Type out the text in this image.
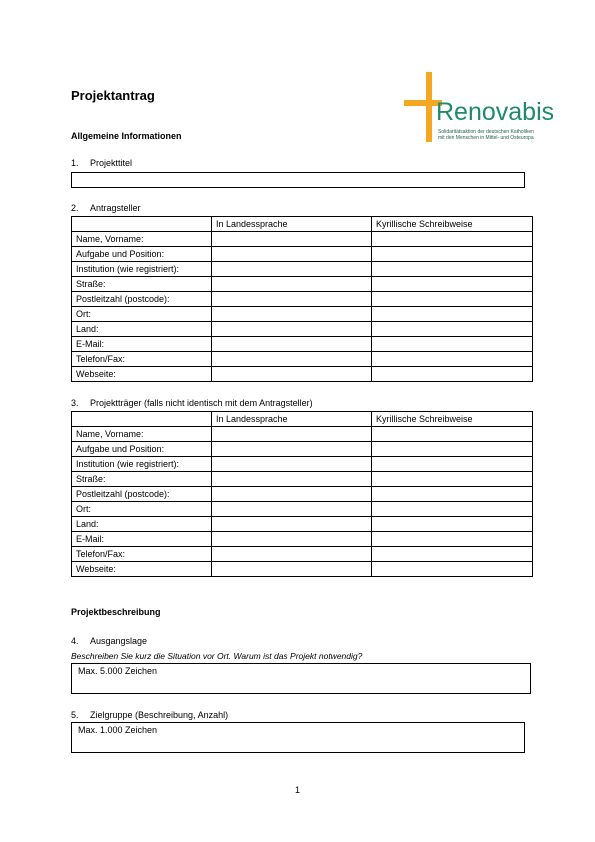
Projektantrag
Renovabis
Solidaritätsaktion der deutschen Katholiken
mit den Menschen in Mittel- und Osteuropa
Allgemeine Informationen
1. Projekttitel
2. Antragsteller
	In Landessprache	Kyrillische Schreibweise
Name, Vorname:		
Aufgabe und Position:		
Institution (wie registriert):		
Straße:		
Postleitzahl (postcode):		
Ort:		
Land:		
E-Mail:		
Telefon/Fax:		
Webseite:		
3. Projektträger (falls nicht identisch mit dem Antragsteller)
	In Landessprache	Kyrillische Schreibweise
Name, Vorname:		
Aufgabe und Position:		
Institution (wie registriert):		
Straße:		
Postleitzahl (postcode):		
Ort:		
Land:		
E-Mail:		
Telefon/Fax:		
Webseite:		
Projektbeschreibung
4. Ausgangslage
Beschreiben Sie kurz die Situation vor Ort. Warum ist das Projekt notwendig?
Max. 5.000 Zeichen
5. Zielgruppe (Beschreibung, Anzahl)
Max. 1.000 Zeichen
1
